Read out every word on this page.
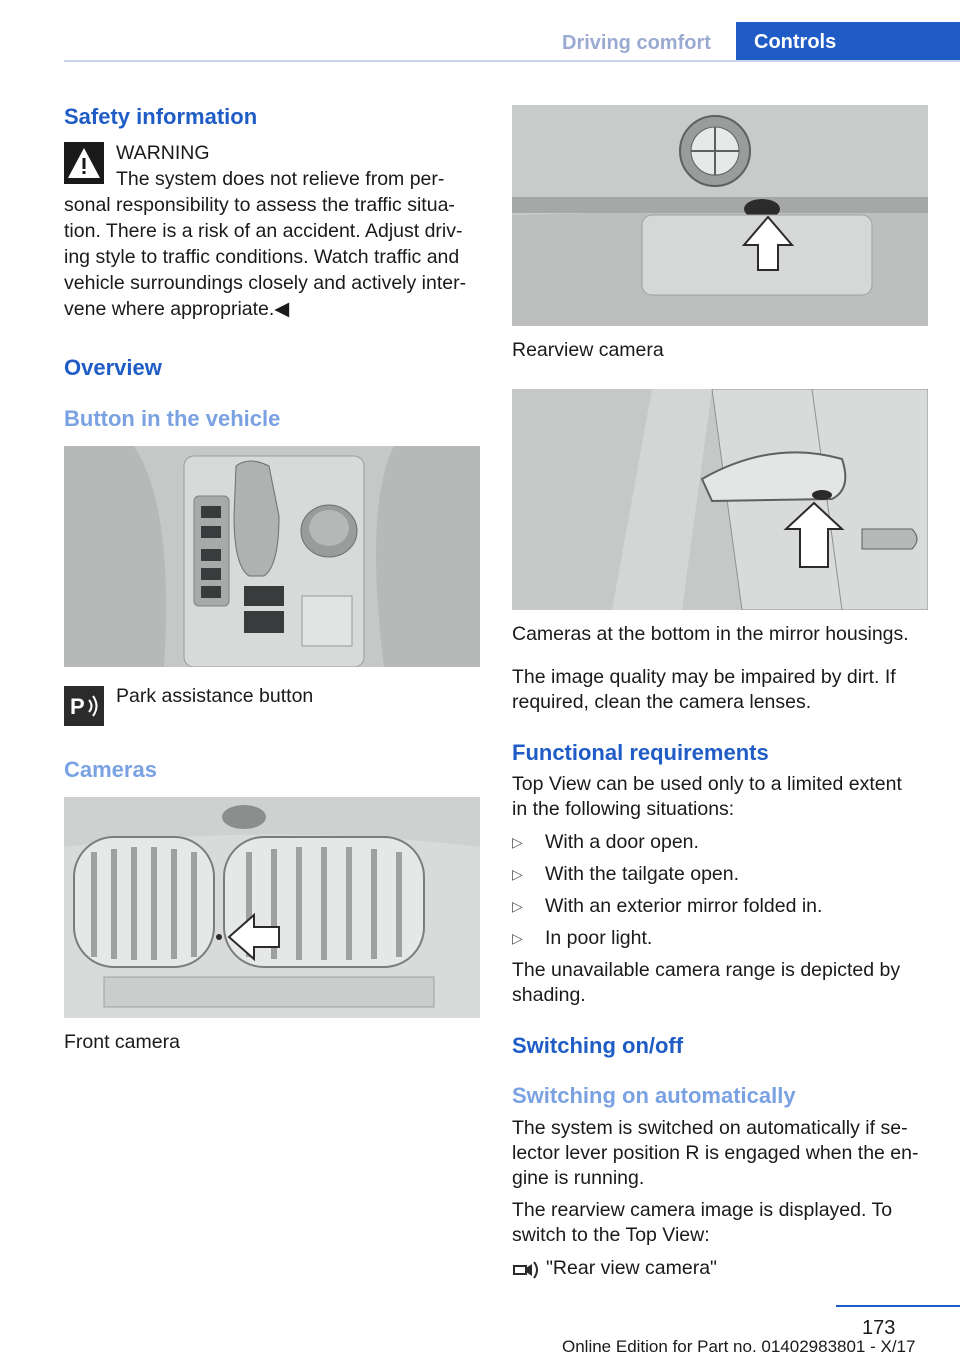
Driving comfort	Controls
Safety information
WARNING
The system does not relieve from per‐
sonal responsibility to assess the traffic situa‐
tion. There is a risk of an accident. Adjust driv‐
ing style to traffic conditions. Watch traffic and
vehicle surroundings closely and actively inter‐
vene where appropriate.◀
Overview
Button in the vehicle
P Park assistance button
Cameras
Front camera
Rearview camera
Cameras at the bottom in the mirror housings.
The image quality may be impaired by dirt. If
required, clean the camera lenses.
Functional requirements
Top View can be used only to a limited extent
in the following situations:
▷ With a door open.
▷ With the tailgate open.
▷ With an exterior mirror folded in.
▷ In poor light.
The unavailable camera range is depicted by
shading.
Switching on/off
Switching on automatically
The system is switched on automatically if se‐
lector lever position R is engaged when the en‐
gine is running.
The rearview camera image is displayed. To
switch to the Top View:
"Rear view camera"
173
Online Edition for Part no. 01402983801 - X/17
